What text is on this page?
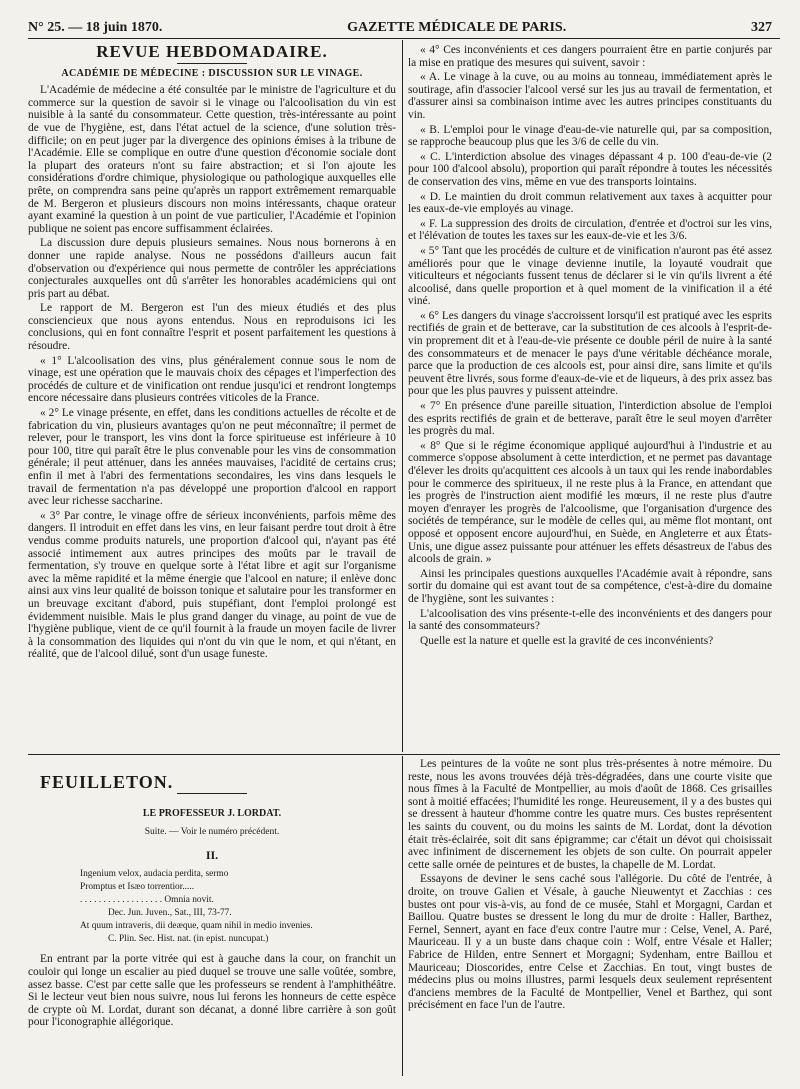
N° 25. — 18 juin 1870.	GAZETTE MÉDICALE DE PARIS.	327
REVUE HEBDOMADAIRE.
ACADÉMIE DE MÉDECINE : DISCUSSION SUR LE VINAGE.

L'Académie de médecine a été consultée par le ministre de l'agriculture et du commerce sur la question de savoir si le vinage ou l'alcoolisation du vin est nuisible à la santé du consommateur. Cette question, très-intéressante au point de vue de l'hygiène, est, dans l'état actuel de la science, d'une solution très-difficile; on en peut juger par la divergence des opinions émises à la tribune de l'Académie. Elle se complique en outre d'une question d'économie sociale dont la plupart des orateurs n'ont su faire abstraction; et si l'on ajoute les considérations d'ordre chimique, physiologique ou pathologique auxquelles elle prête, on comprendra sans peine qu'après un rapport extrêmement remarquable de M. Bergeron et plusieurs discours non moins intéressants, chaque orateur ayant examiné la question à un point de vue particulier, l'Académie et l'opinion publique ne soient pas encore suffisamment éclairées.

La discussion dure depuis plusieurs semaines. Nous nous bornerons à en donner une rapide analyse. Nous ne possédons d'ailleurs aucun fait d'observation ou d'expérience qui nous permette de contrôler les appréciations conjecturales auxquelles ont dû s'arrêter les honorables académiciens qui ont pris part au débat.

Le rapport de M. Bergeron est l'un des mieux étudiés et des plus consciencieux que nous ayons entendus. Nous en reproduisons ici les conclusions, qui en font connaître l'esprit et posent parfaitement les questions à résoudre.

« 1° L'alcoolisation des vins, plus généralement connue sous le nom de vinage, est une opération que le mauvais choix des cépages et l'imperfection des procédés de culture et de vinification ont rendue jusqu'ici et rendront longtemps encore nécessaire dans plusieurs contrées viticoles de la France.

« 2° Le vinage présente, en effet, dans les conditions actuelles de récolte et de fabrication du vin, plusieurs avantages qu'on ne peut méconnaître; il permet de relever, pour le transport, les vins dont la force spiritueuse est inférieure à 10 pour 100, titre qui paraît être le plus convenable pour les vins de consommation générale; il peut atténuer, dans les années mauvaises, l'acidité de certains crus; enfin il met à l'abri des fermentations secondaires, les vins dans lesquels le travail de fermentation n'a pas développé une proportion d'alcool en rapport avec leur richesse saccharine.

« 3° Par contre, le vinage offre de sérieux inconvénients, parfois même des dangers. Il introduit en effet dans les vins, en leur faisant perdre tout droit à être vendus comme produits naturels, une proportion d'alcool qui, n'ayant pas été associé intimement aux autres principes des moûts par le travail de fermentation, s'y trouve en quelque sorte à l'état libre et agit sur l'organisme avec la même rapidité et la même énergie que l'alcool en nature; il enlève donc ainsi aux vins leur qualité de boisson tonique et salutaire pour les transformer en un breuvage excitant d'abord, puis stupéfiant, dont l'emploi prolongé est évidemment nuisible. Mais le plus grand danger du vinage, au point de vue de l'hygiène publique, vient de ce qu'il fournit à la fraude un moyen facile de livrer à la consommation des liquides qui n'ont du vin que le nom, et qui n'étant, en réalité, que de l'alcool dilué, sont d'un usage funeste.

« 4° Ces inconvénients et ces dangers pourraient être en partie conjurés par la mise en pratique des mesures qui suivent, savoir :

« A. Le vinage à la cuve, ou au moins au tonneau, immédiatement après le soutirage, afin d'associer l'alcool versé sur les jus au travail de fermentation, et d'assurer ainsi sa combinaison intime avec les autres principes constituants du vin.

« B. L'emploi pour le vinage d'eau-de-vie naturelle qui, par sa composition, se rapproche beaucoup plus que les 3/6 de celle du vin.

« C. L'interdiction absolue des vinages dépassant 4 p. 100 d'eau-de-vie (2 pour 100 d'alcool absolu), proportion qui paraît répondre à toutes les nécessités de conservation des vins, même en vue des transports lointains.

« D. Le maintien du droit commun relativement aux taxes à acquitter pour les eaux-de-vie employés au vinage.

« F. La suppression des droits de circulation, d'entrée et d'octroi sur les vins, et l'élévation de toutes les taxes sur les eaux-de-vie et les 3/6.

« 5° Tant que les procédés de culture et de vinification n'auront pas été assez améliorés pour que le vinage devienne inutile, la loyauté voudrait que viticulteurs et négociants fussent tenus de déclarer si le vin qu'ils livrent a été alcoolisé, dans quelle proportion et à quel moment de la vinification il a été viné.

« 6° Les dangers du vinage s'accroissent lorsqu'il est pratiqué avec les esprits rectifiés de grain et de betterave, car la substitution de ces alcools à l'esprit-de-vin proprement dit et à l'eau-de-vie présente ce double péril de nuire à la santé des consommateurs et de menacer le pays d'une véritable déchéance morale, parce que la production de ces alcools est, pour ainsi dire, sans limite et qu'ils peuvent être livrés, sous forme d'eaux-de-vie et de liqueurs, à des prix assez bas pour que les plus pauvres y puissent atteindre.

« 7° En présence d'une pareille situation, l'interdiction absolue de l'emploi des esprits rectifiés de grain et de betterave, paraît être le seul moyen d'arrêter les progrès du mal.

« 8° Que si le régime économique appliqué aujourd'hui à l'industrie et au commerce s'oppose absolument à cette interdiction, et ne permet pas davantage d'élever les droits qu'acquittent ces alcools à un taux qui les rende inabordables pour le commerce des spiritueux, il ne reste plus à la France, en attendant que les progrès de l'instruction aient modifié les mœurs, il ne reste plus d'autre moyen d'enrayer les progrès de l'alcoolisme, que l'organisation d'urgence des sociétés de tempérance, sur le modèle de celles qui, au même flot montant, ont opposé et opposent encore aujourd'hui, en Suède, en Angleterre et aux États-Unis, une digue assez puissante pour atténuer les effets désastreux de l'abus des alcools de grain. »

Ainsi les principales questions auxquelles l'Académie avait à répondre, sans sortir du domaine qui est avant tout de sa compétence, c'est-à-dire du domaine de l'hygiène, sont les suivantes :

L'alcoolisation des vins présente-t-elle des inconvénients et des dangers pour la santé des consommateurs?

Quelle est la nature et quelle est la gravité de ces inconvénients?

FEUILLETON.
LE PROFESSEUR J. LORDAT.
Suite. — Voir le numéro précédent.
II.

Ingenium velox, audacia perdita, sermo

Promptus et Isæo torrentior.....

. . . . . . . . . . . . . . . . . . Omnia novit.

Dec. Jun. Juven., Sat., III, 73-77.

At quum intraveris, dii deæque, quam nihil in medio invenies.

C. Plin. Sec. Hist. nat. (in epist. nuncupat.)

En entrant par la porte vitrée qui est à gauche dans la cour, on franchit un couloir qui longe un escalier au pied duquel se trouve une salle voûtée, sombre, assez basse. C'est par cette salle que les professeurs se rendent à l'amphithéâtre. Si le lecteur veut bien nous suivre, nous lui ferons les honneurs de cette espèce de crypte où M. Lordat, durant son décanat, a donné libre carrière à son goût pour l'iconographie allégorique.

Les peintures de la voûte ne sont plus très-présentes à notre mémoire. Du reste, nous les avons trouvées déjà très-dégradées, dans une courte visite que nous fîmes à la Faculté de Montpellier, au mois d'août de 1868. Ces grisailles sont à moitié effacées; l'humidité les ronge. Heureusement, il y a des bustes qui se dressent à hauteur d'homme contre les quatre murs. Ces bustes représentent les saints du couvent, ou du moins les saints de M. Lordat, dont la dévotion était très-éclairée, soit dit sans épigramme; car c'était un dévot qui choisissait avec infiniment de discernement les objets de son culte. On pourrait appeler cette salle ornée de peintures et de bustes, la chapelle de M. Lordat.

Essayons de deviner le sens caché sous l'allégorie. Du côté de l'entrée, à droite, on trouve Galien et Vésale, à gauche Nieuwentyt et Zacchias : ces bustes ont pour vis-à-vis, au fond de ce musée, Stahl et Morgagni, Cardan et Baillou. Quatre bustes se dressent le long du mur de droite : Haller, Barthez, Fernel, Sennert, ayant en face d'eux contre l'autre mur : Celse, Venel, A. Paré, Mauriceau. Il y a un buste dans chaque coin : Wolf, entre Vésale et Haller; Fabrice de Hilden, entre Sennert et Morgagni; Sydenham, entre Baillou et Mauriceau; Dioscorides, entre Celse et Zacchias. En tout, vingt bustes de médecins plus ou moins illustres, parmi lesquels deux seulement représentent d'anciens membres de la Faculté de Montpellier, Venel et Barthez, qui sont précisément en face l'un de l'autre.
